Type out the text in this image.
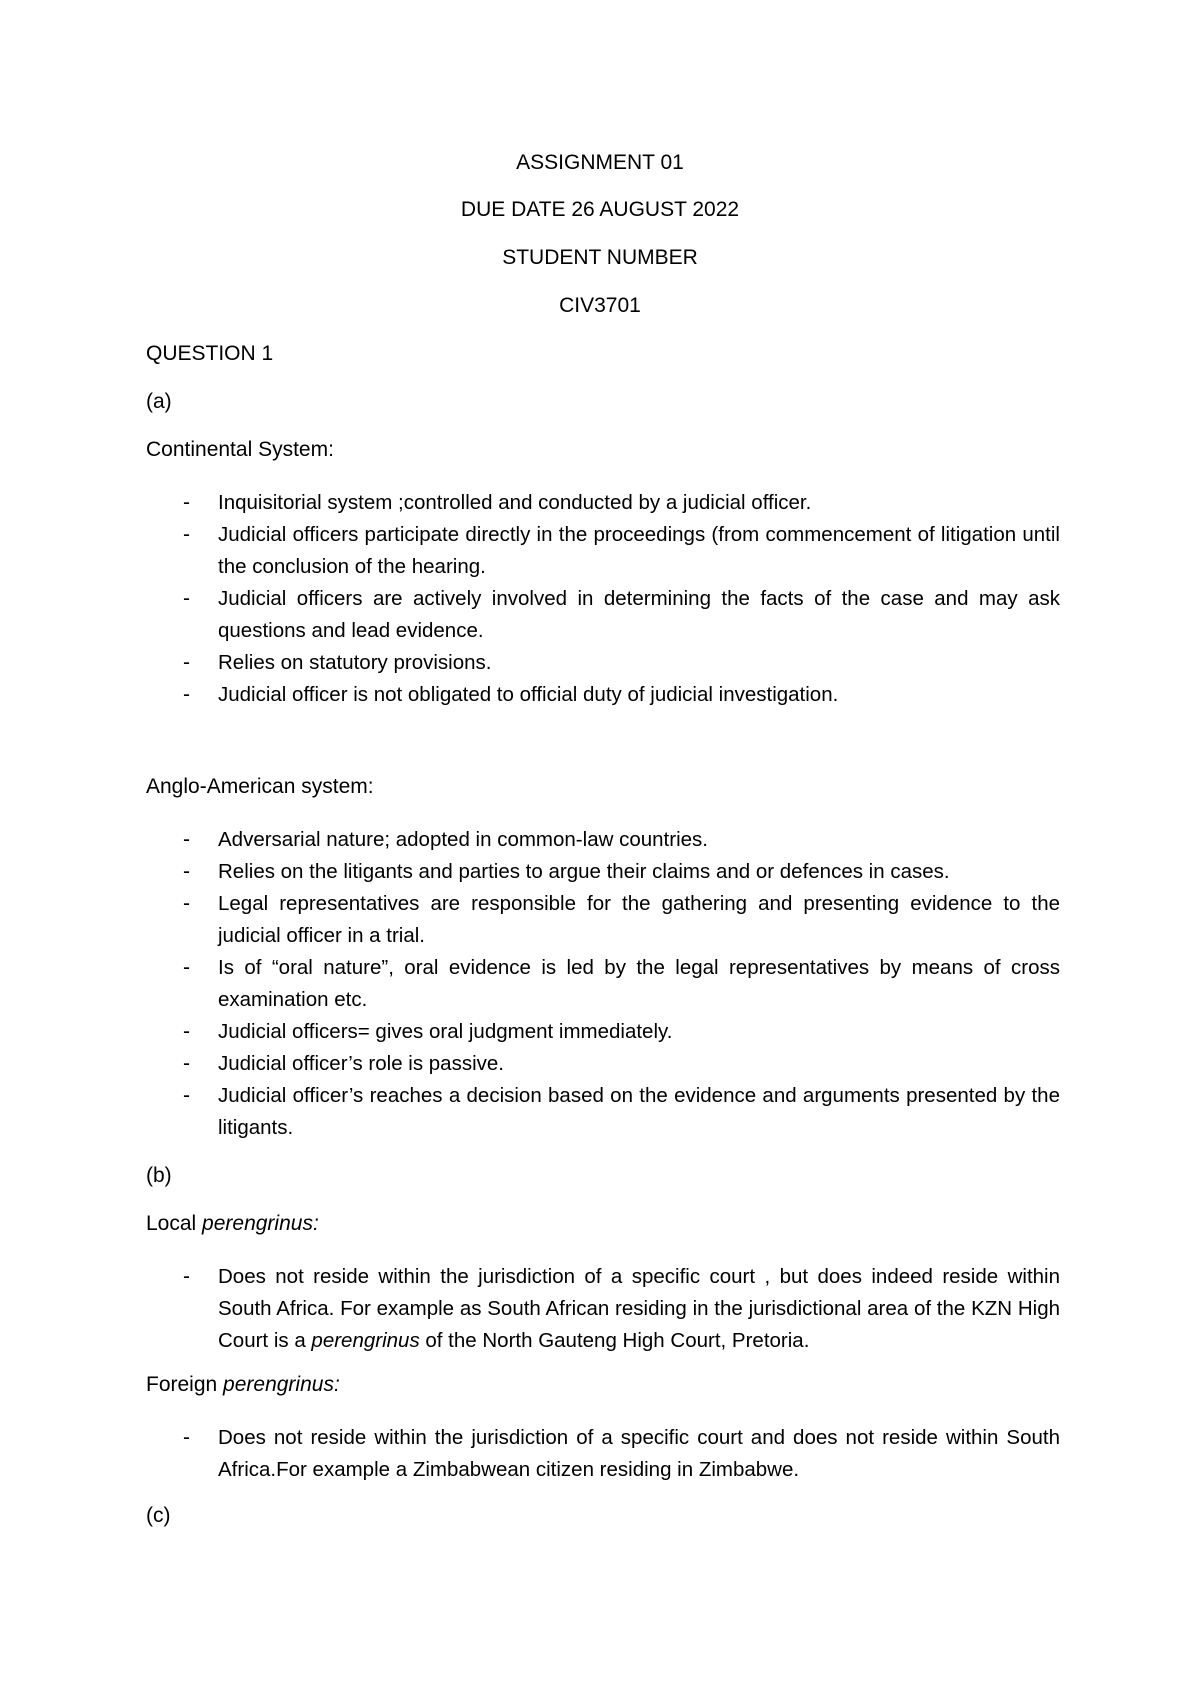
ASSIGNMENT 01
DUE DATE 26 AUGUST 2022
STUDENT NUMBER
CIV3701
QUESTION 1
(a)
Continental System:
- Inquisitorial system ;controlled and conducted by a judicial officer.
- Judicial officers participate directly in the proceedings (from commencement of litigation until the conclusion of the hearing.
- Judicial officers are actively involved in determining the facts of the case and may ask questions and lead evidence.
- Relies on statutory provisions.
- Judicial officer is not obligated to official duty of judicial investigation.
Anglo-American system:
- Adversarial nature; adopted in common-law countries.
- Relies on the litigants and parties to argue their claims and or defences in cases.
- Legal representatives are responsible for the gathering and presenting evidence to the judicial officer in a trial.
- Is of “oral nature”, oral evidence is led by the legal representatives by means of cross examination etc.
- Judicial officers= gives oral judgment immediately.
- Judicial officer’s role is passive.
- Judicial officer’s reaches a decision based on the evidence and arguments presented by the litigants.
(b)
Local perengrinus:
- Does not reside within the jurisdiction of a specific court , but does indeed reside within South Africa. For example as South African residing in the jurisdictional area of the KZN High Court is a perengrinus of the North Gauteng High Court, Pretoria.
Foreign perengrinus:
- Does not reside within the jurisdiction of a specific court and does not reside within South Africa.For example a Zimbabwean citizen residing in Zimbabwe.
(c)
